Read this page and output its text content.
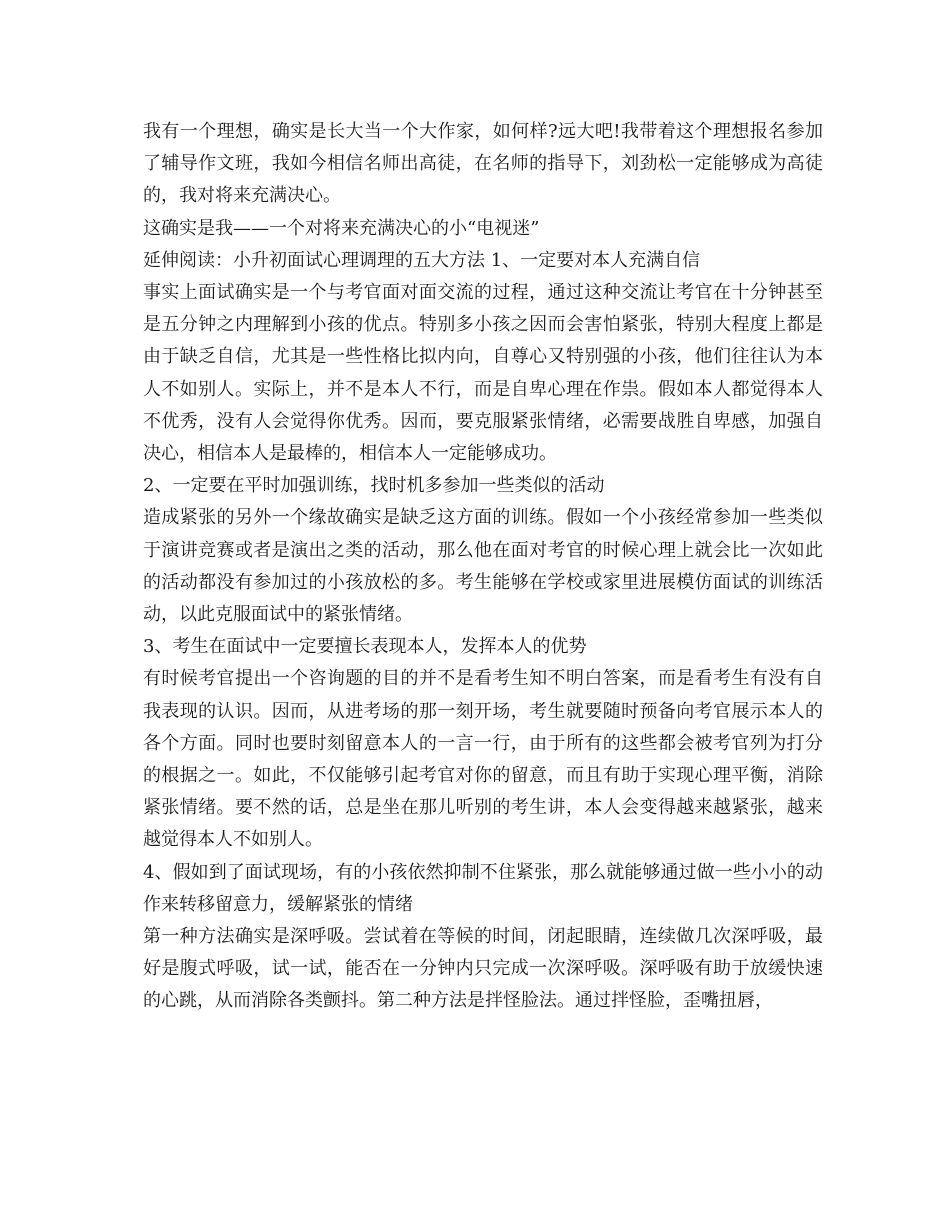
我有一个理想，确实是长大当一个大作家，如何样?远大吧!我带着这个理想报名参加了辅导作文班，我如今相信名师出高徒，在名师的指导下，刘劲松一定能够成为高徒的，我对将来充满决心。

这确实是我——一个对将来充满决心的小“电视迷”

延伸阅读：小升初面试心理调理的五大方法 1、一定要对本人充满自信

事实上面试确实是一个与考官面对面交流的过程，通过这种交流让考官在十分钟甚至是五分钟之内理解到小孩的优点。特别多小孩之因而会害怕紧张，特别大程度上都是由于缺乏自信，尤其是一些性格比拟内向，自尊心又特别强的小孩，他们往往认为本人不如别人。实际上，并不是本人不行，而是自卑心理在作祟。假如本人都觉得本人不优秀，没有人会觉得你优秀。因而，要克服紧张情绪，必需要战胜自卑感，加强自决心，相信本人是最棒的，相信本人一定能够成功。

2、一定要在平时加强训练，找时机多参加一些类似的活动

造成紧张的另外一个缘故确实是缺乏这方面的训练。假如一个小孩经常参加一些类似于演讲竞赛或者是演出之类的活动，那么他在面对考官的时候心理上就会比一次如此的活动都没有参加过的小孩放松的多。考生能够在学校或家里进展模仿面试的训练活动，以此克服面试中的紧张情绪。

3、考生在面试中一定要擅长表现本人，发挥本人的优势

有时候考官提出一个咨询题的目的并不是看考生知不明白答案，而是看考生有没有自我表现的认识。因而，从进考场的那一刻开场，考生就要随时预备向考官展示本人的各个方面。同时也要时刻留意本人的一言一行，由于所有的这些都会被考官列为打分的根据之一。如此，不仅能够引起考官对你的留意，而且有助于实现心理平衡，消除紧张情绪。要不然的话，总是坐在那儿听别的考生讲，本人会变得越来越紧张，越来越觉得本人不如别人。

4、假如到了面试现场，有的小孩依然抑制不住紧张，那么就能够通过做一些小小的动作来转移留意力，缓解紧张的情绪

第一种方法确实是深呼吸。尝试着在等候的时间，闭起眼睛，连续做几次深呼吸，最好是腹式呼吸，试一试，能否在一分钟内只完成一次深呼吸。深呼吸有助于放缓快速的心跳，从而消除各类颤抖。第二种方法是拌怪脸法。通过拌怪脸，歪嘴扭唇，
